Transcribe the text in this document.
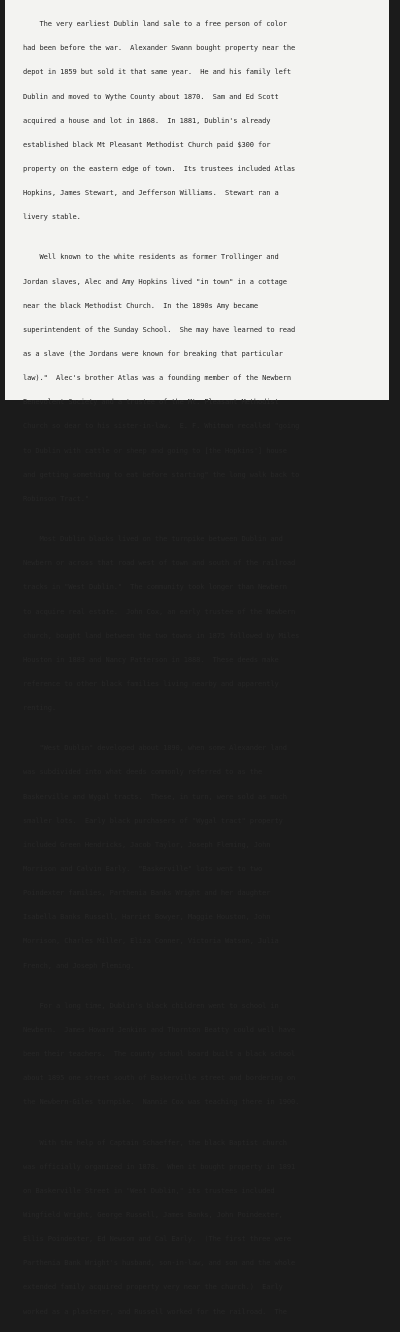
The very earliest Dublin land sale to a free person of color

had been before the war.  Alexander Swann bought property near the

depot in 1859 but sold it that same year.  He and his family left

Dublin and moved to Wythe County about 1870.  Sam and Ed Scott

acquired a house and lot in 1868.  In 1881, Dublin's already

established black Mt Pleasant Methodist Church paid $300 for

property on the eastern edge of town.  Its trustees included Atlas

Hopkins, James Stewart, and Jefferson Williams.  Stewart ran a

livery stable.

Well known to the white residents as former Trollinger and

Jordan slaves, Alec and Amy Hopkins lived "in town" in a cottage

near the black Methodist Church.  In the 1890s Amy became

superintendent of the Sunday School.  She may have learned to read

as a slave (the Jordans were known for breaking that particular

law)."  Alec's brother Atlas was a founding member of the Newbern

Benevolent Society and a trustee of the Mt. Pleasant Methodist

Church so dear to his sister-in-law.  E. F. Whitman recalled "going

to Dublin with cattle or sheep and going to [the Hopkins'] house

and getting something to eat before starting" the long walk back to

Robinson Tract."

Most Dublin blacks lived on the turnpike between Dublin and

Newbern or across that road west of town and south of the railroad

tracks in "West Dublin."  The community took longer than Newbern

to acquire real estate.  John Cox, an early trustee of the Newbern

church, bought land between the two towns in 1875 followed by Miles

Houston in 1883 and Nancy Patterson in 1888.  These deeds make

reference to other black families living nearby and apparently

renting.

"West Dublin" developed about 1890, when some Alexander land

was subdivided into what deeds commonly referred to as the

Baskerville and Wygal tracts.  These, in turn, were sold as much

smaller lots.  Early black purchasers of "Wygal tract" property

included Green Hendricks, Jacob Taylor, Joseph Fleming, John

Morrison and Calvin Early.  "Baskerville" lots went to two

Poindexter families, Parthenia Banks Wright and her daughter

Isabella Banks Russell, Harriet Bowyer, Maggie Houston, John

Morrison, Charles Miller, Eliza Conner, Victoria Watson, Julia

French, and Joseph Fleming.

For a long time, Dublin's black children went to school in

Newbern.  James Howard Jenkins and Thornton Beatty could well have

been their teachers.  The county school board built a black school

about 1895 one street south of Baskerville street and bordering on

the Newbern-Giles turnpike.  Nannie Cox was teaching there in 1900.

With the help of Captain Schaeffer, the black Baptist church

was officially organized in 1878.  When it bought property in 1891

on Baskerville Street in "West Dublin," its trustees included

Wingfield Wright, George Russell, James Banks, John Poindexter,

Ellis Poindexter, Ed Newsom and Cal Early.  (The first three were

Parthenia Bank Wright's husband, son-in-law, and son and the whole

extended family acquired property very near the church.)  Early

worked as a plasterer, and Russell worked for the railroad.  The
